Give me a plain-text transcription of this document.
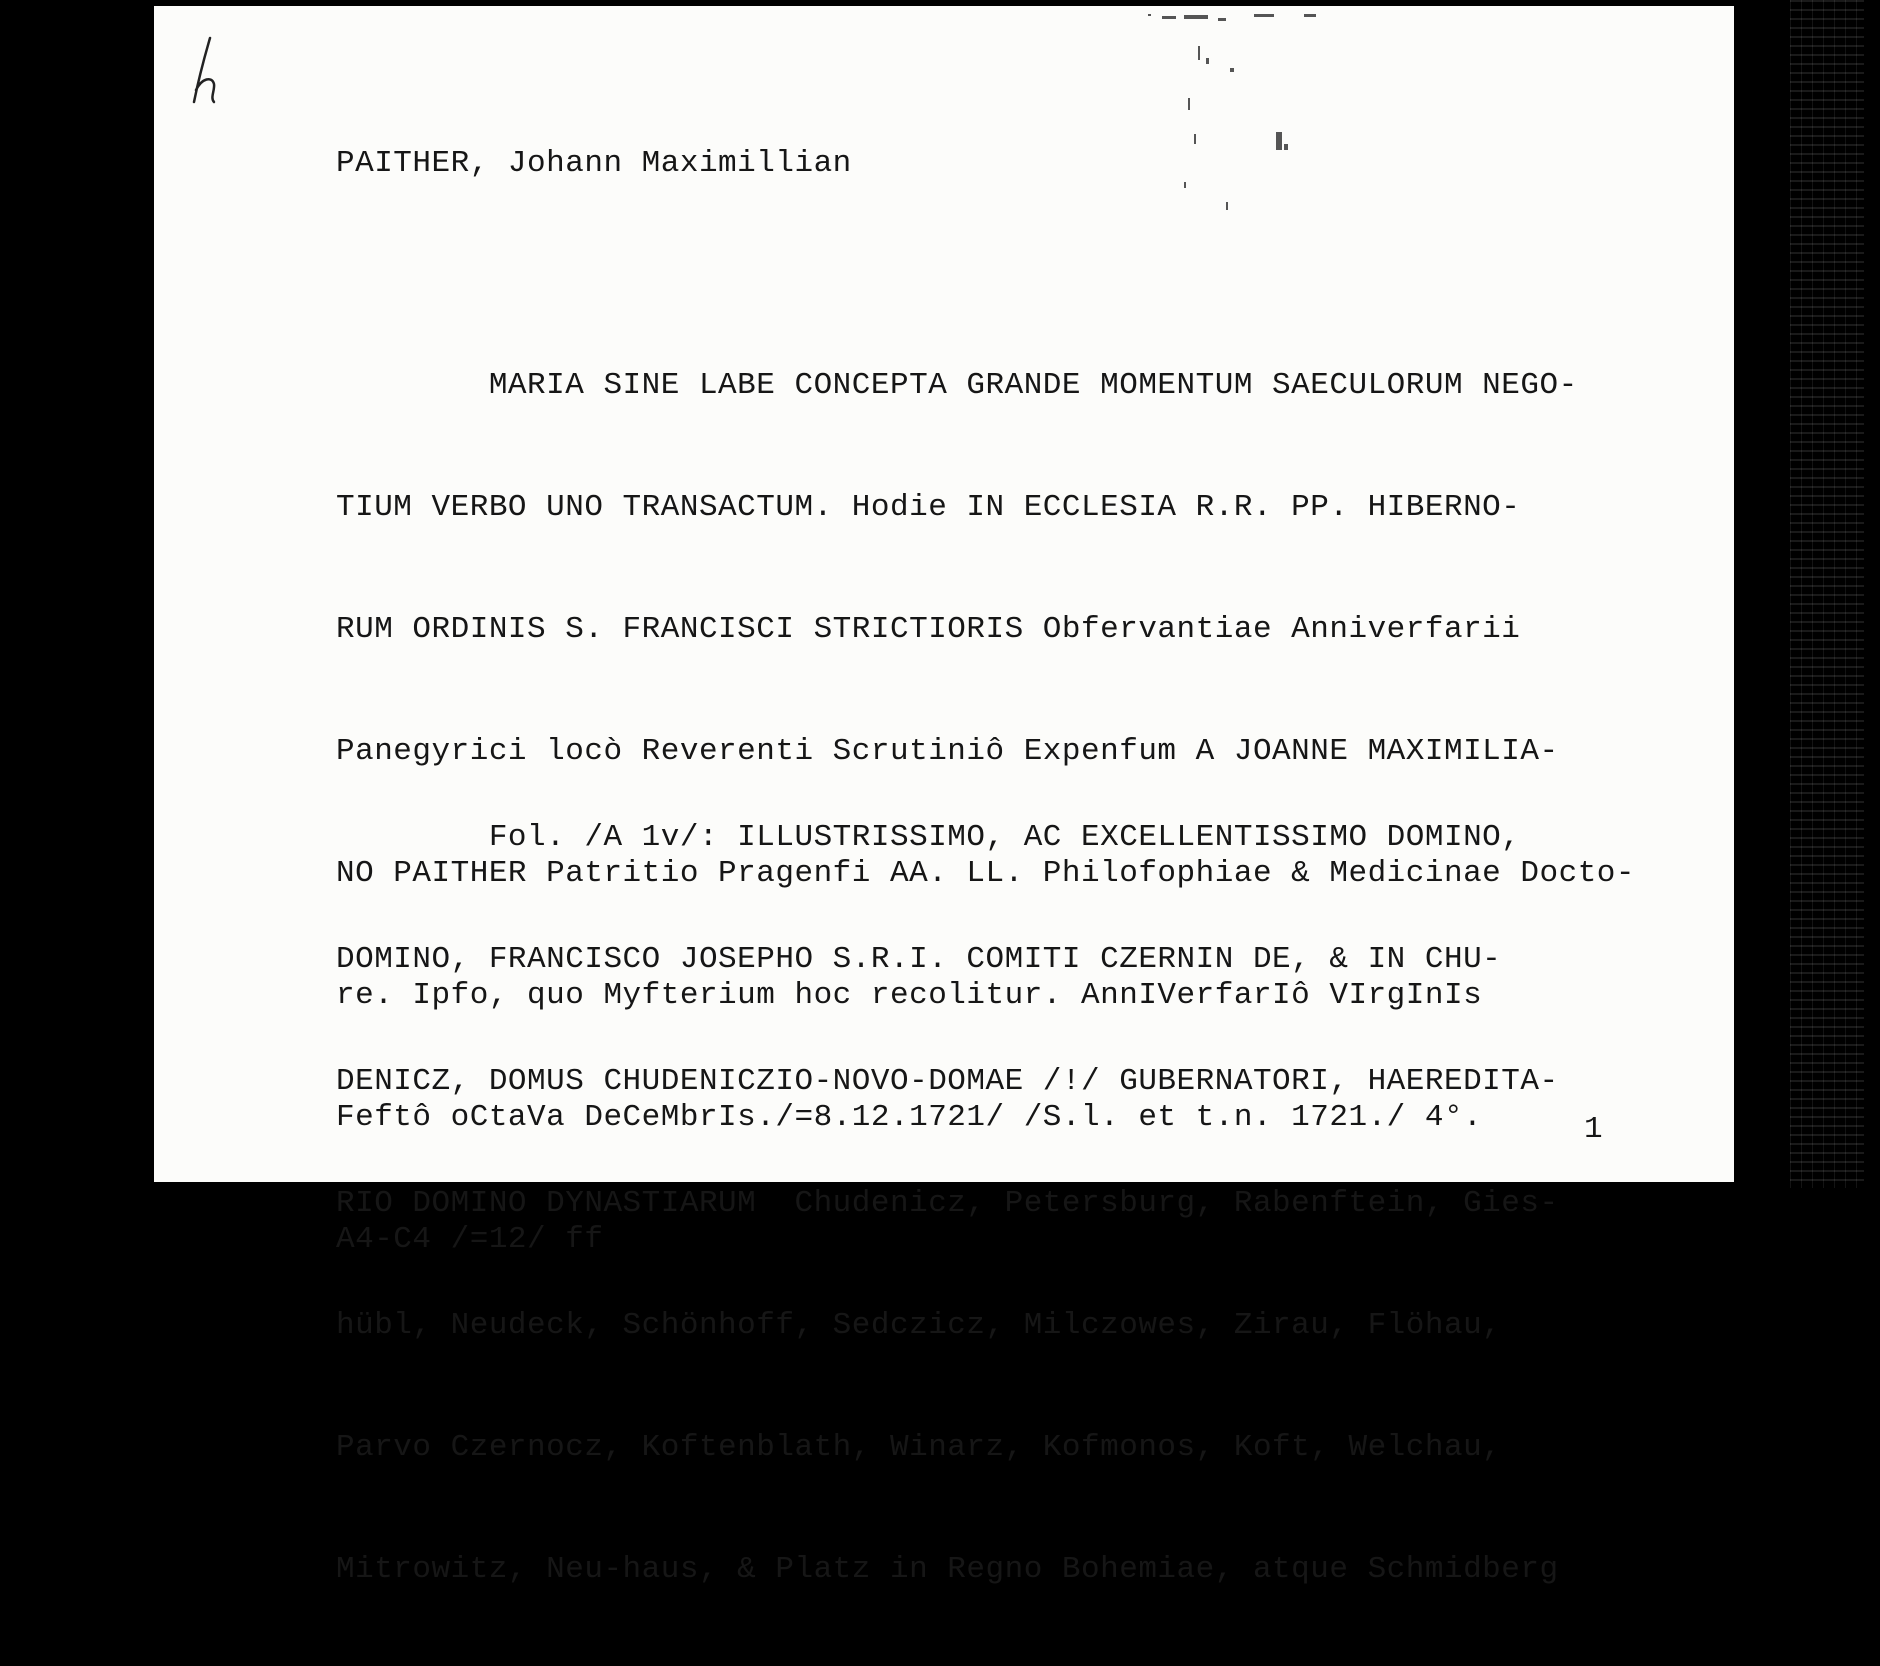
PAITHER, Johann Maximillian

MARIA SINE LABE CONCEPTA GRANDE MOMENTUM SAECULORUM NEGO-

TIUM VERBO UNO TRANSACTUM. Hodie IN ECCLESIA R.R. PP. HIBERNO-

RUM ORDINIS S. FRANCISCI STRICTIORIS Obfervantiae Anniverfarii

Panegyrici locò Reverenti Scrutiniô Expenfum A JOANNE MAXIMILIA-

NO PAITHER Patritio Pragenfi AA. LL. Philofophiae & Medicinae Docto-

re. Ipfo, quo Myfterium hoc recolitur. AnnIVerfarIô VIrgInIs

Feftô oCtaVa DeCeMbrIs./=8.12.1721/ /S.l. et t.n. 1721./ 4°.

A4-C4 /=12/ ff

Fol. /A 1v/: ILLUSTRISSIMO, AC EXCELLENTISSIMO DOMINO,

DOMINO, FRANCISCO JOSEPHO S.R.I. COMITI CZERNIN DE, & IN CHU-

DENICZ, DOMUS CHUDENICZIO-NOVO-DOMAE /!/ GUBERNATORI, HAEREDITA-

RIO DOMINO DYNASTIARUM  Chudenicz, Petersburg, Rabenftein, Gies-

hübl, Neudeck, Schönhoff, Sedczicz, Milczowes, Zirau, Flöhau,

Parvo Czernocz, Koftenblath, Winarz, Kofmonos, Koft, Welchau,

Mitrowitz, Neu-haus, & Platz in Regno Bohemiae, atque Schmidberg

1
